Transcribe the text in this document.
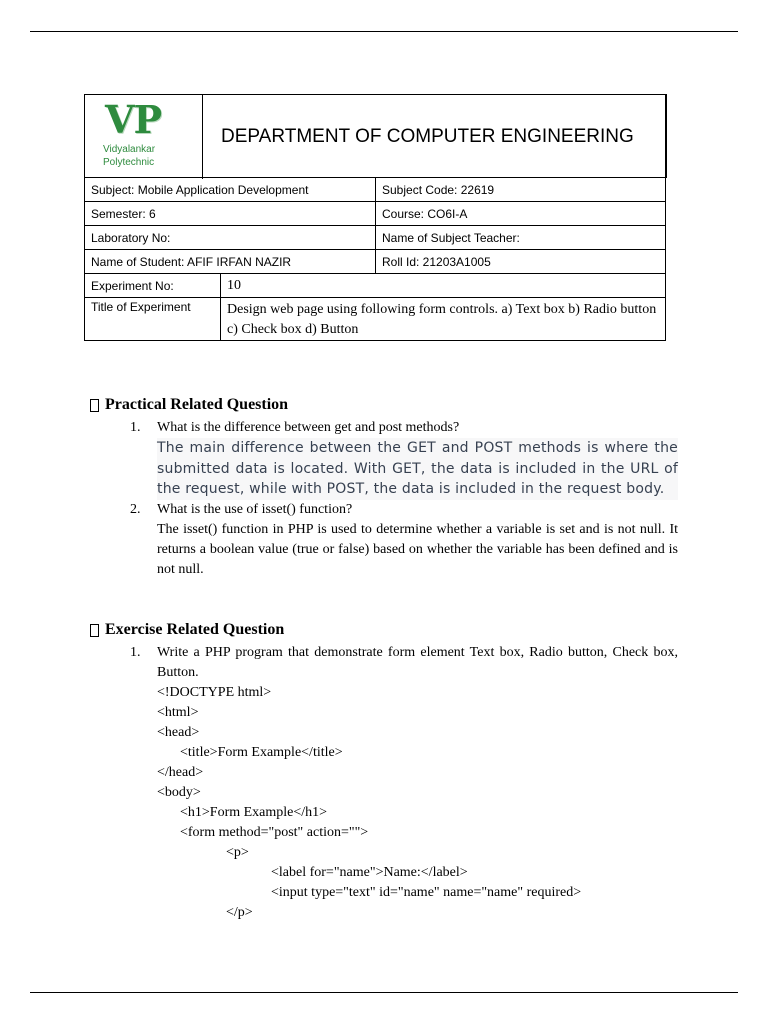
VP
Vidyalankar
Polytechnic
DEPARTMENT OF COMPUTER ENGINEERING
Subject: Mobile Application Development		Subject Code: 22619
Semester: 6		Course: CO6I-A
Laboratory No:		Name of Subject Teacher:
Name of Student: AFIF IRFAN NAZIR		Roll Id: 21203A1005
Experiment No:	10	
Title of Experiment	Design web page using following form controls. a) Text box b) Radio button c) Check box d) Button	
Practical Related Question
1. What is the difference between get and post methods?
The main difference between the GET and POST methods is where the submitted data is located. With GET, the data is included in the URL of the request, while with POST, the data is included in the request body.
2. What is the use of isset() function?
The isset() function in PHP is used to determine whether a variable is set and is not null. It returns a boolean value (true or false) based on whether the variable has been defined and is not null.
Exercise Related Question
1. Write a PHP program that demonstrate form element Text box, Radio button, Check box, Button.
<!DOCTYPE html>
<html>
<head>
<title>Form Example</title>
</head>
<body>
<h1>Form Example</h1>
<form method="post" action="">
<p>
<label for="name">Name:</label>
<input type="text" id="name" name="name" required>
</p>
